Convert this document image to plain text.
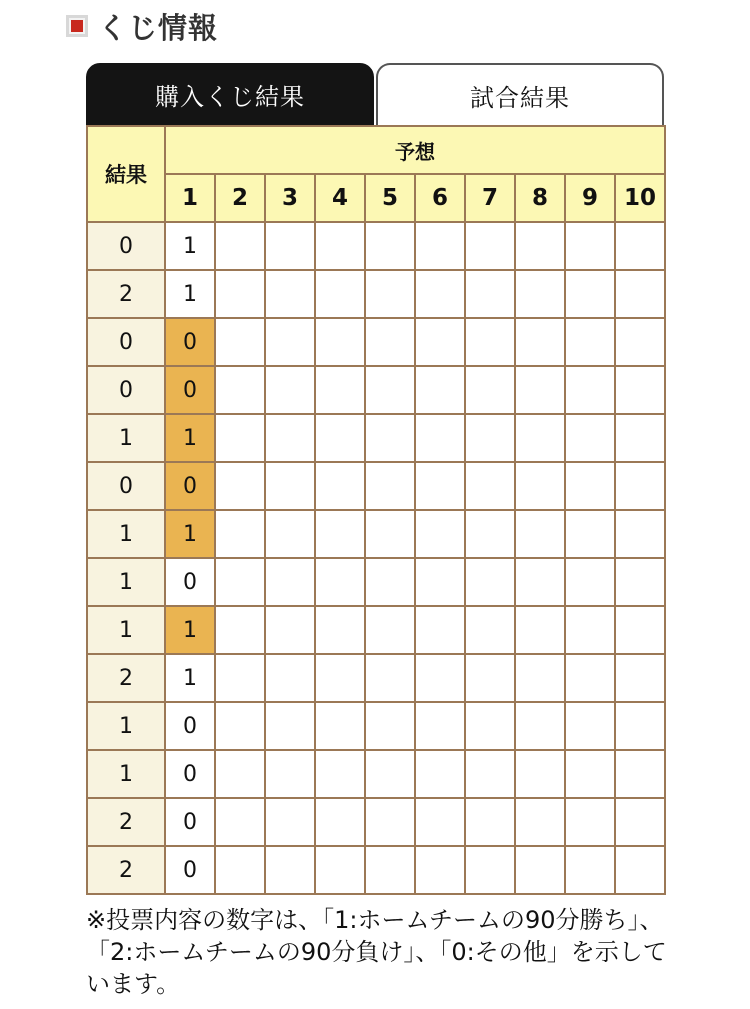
くじ情報
購入くじ結果	試合結果
結果	予想									
	1	2	3	4	5	6	7	8	9	10
0	1									
2	1									
0	0									
0	0									
1	1									
0	0									
1	1									
1	0									
1	1									
2	1									
1	0									
1	0									
2	0									
2	0									
※投票内容の数字は、「1:ホームチームの90分勝ち」、「2:ホームチームの90分負け」、「0:その他」を示しています。
